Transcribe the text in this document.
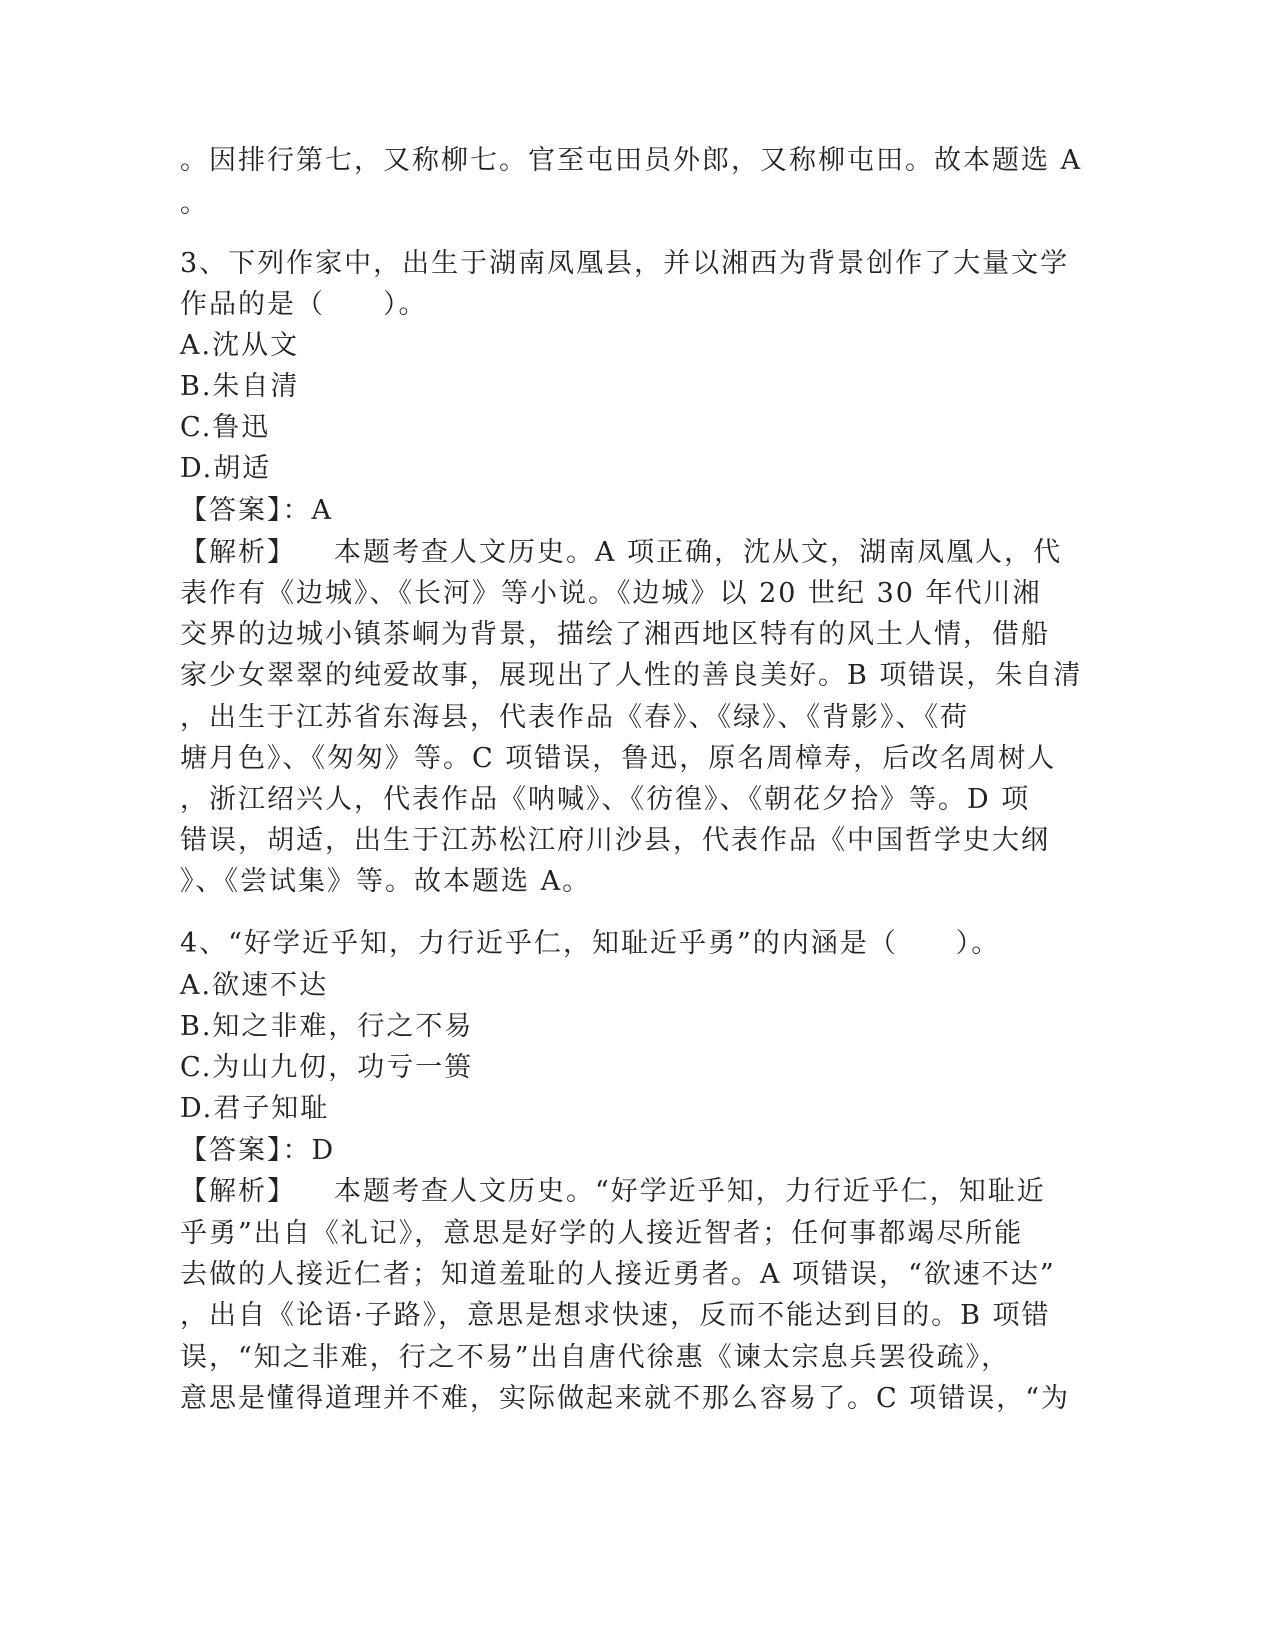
。因排行第七，又称柳七。官至屯田员外郎，又称柳屯田。故本题选 A
。
3、下列作家中，出生于湖南凤凰县，并以湘西为背景创作了大量文学
作品的是（　　）。
A.沈从文
B.朱自清
C.鲁迅
D.胡适
【答案】：A
【解析】 本题考查人文历史。A 项正确，沈从文，湖南凤凰人，代
表作有《边城》、《长河》等小说。《边城》以 20 世纪 30 年代川湘
交界的边城小镇茶峒为背景，描绘了湘西地区特有的风土人情，借船
家少女翠翠的纯爱故事，展现出了人性的善良美好。B 项错误，朱自清
，出生于江苏省东海县，代表作品《春》、《绿》、《背影》、《荷
塘月色》、《匆匆》等。C 项错误，鲁迅，原名周樟寿，后改名周树人
，浙江绍兴人，代表作品《呐喊》、《彷徨》、《朝花夕拾》等。D 项
错误，胡适，出生于江苏松江府川沙县，代表作品《中国哲学史大纲
》、《尝试集》等。故本题选 A。
4、“好学近乎知，力行近乎仁，知耻近乎勇”的内涵是（　　）。
A.欲速不达
B.知之非难，行之不易
C.为山九仞，功亏一篑
D.君子知耻
【答案】：D
【解析】 本题考查人文历史。“好学近乎知，力行近乎仁，知耻近
乎勇”出自《礼记》，意思是好学的人接近智者；任何事都竭尽所能
去做的人接近仁者；知道羞耻的人接近勇者。A 项错误，“欲速不达”
，出自《论语·子路》，意思是想求快速，反而不能达到目的。B 项错
误，“知之非难，行之不易”出自唐代徐惠《谏太宗息兵罢役疏》，
意思是懂得道理并不难，实际做起来就不那么容易了。C 项错误，“为
